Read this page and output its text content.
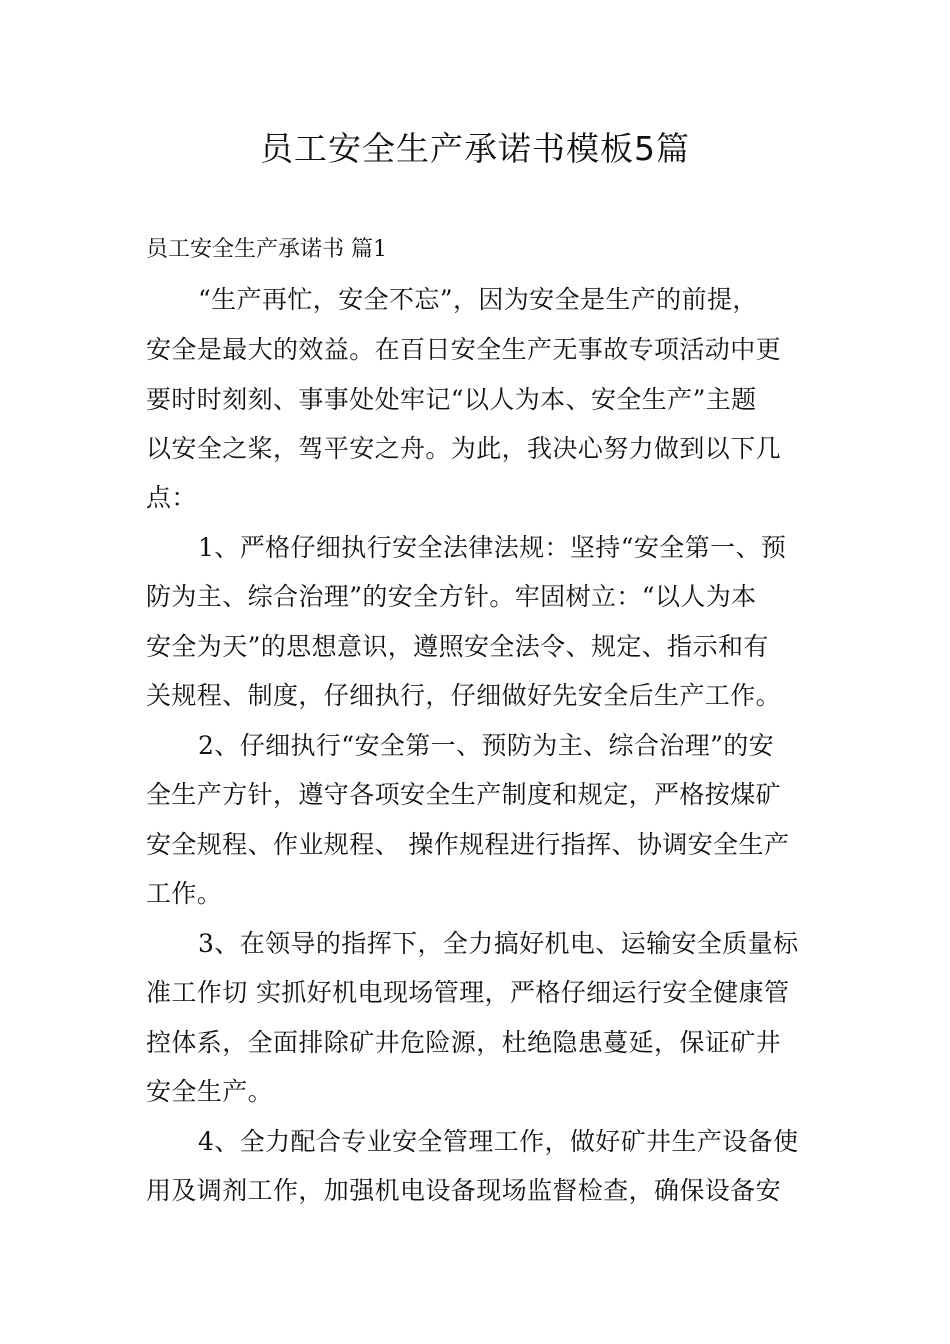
员工安全生产承诺书模板5篇
员工安全生产承诺书 篇1
“生产再忙，安全不忘”，因为安全是生产的前提，
安全是最大的效益。在百日安全生产无事故专项活动中更
要时时刻刻、事事处处牢记“以人为本、安全生产”主题
以安全之桨，驾平安之舟。为此，我决心努力做到以下几
点：
1、严格仔细执行安全法律法规：坚持“安全第一、预
防为主、综合治理”的安全方针。牢固树立：“以人为本
安全为天”的思想意识，遵照安全法令、规定、指示和有
关规程、制度，仔细执行，仔细做好先安全后生产工作。
2、仔细执行“安全第一、预防为主、综合治理”的安
全生产方针，遵守各项安全生产制度和规定，严格按煤矿
安全规程、作业规程、 操作规程进行指挥、协调安全生产
工作。
3、在领导的指挥下，全力搞好机电、运输安全质量标
准工作切 实抓好机电现场管理，严格仔细运行安全健康管
控体系，全面排除矿井危险源，杜绝隐患蔓延，保证矿井
安全生产。
4、全力配合专业安全管理工作，做好矿井生产设备使
用及调剂工作，加强机电设备现场监督检查，确保设备安
